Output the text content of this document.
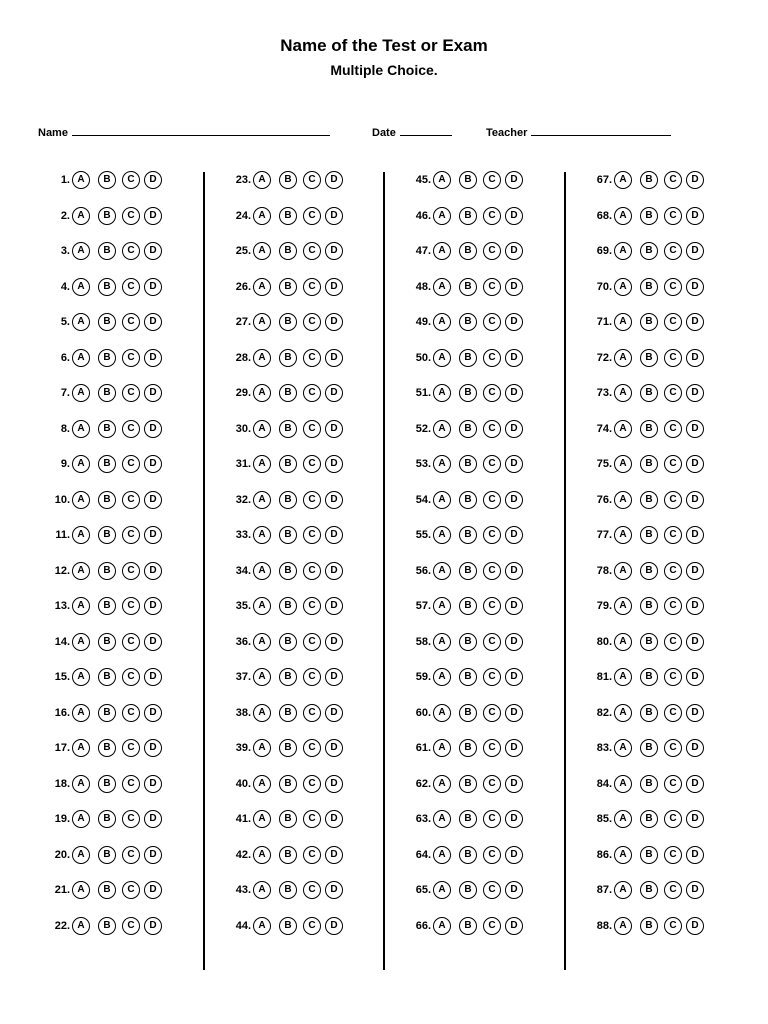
Name of the Test or Exam
Multiple Choice.
Name	Date	Teacher
1. A	B	C	D
2. A	B	C	D
3. A	B	C	D
4. A	B	C	D
5. A	B	C	D
6. A	B	C	D
7. A	B	C	D
8. A	B	C	D
9. A	B	C	D
10. A	B	C	D
11. A	B	C	D
12. A	B	C	D
13. A	B	C	D
14. A	B	C	D
15. A	B	C	D
16. A	B	C	D
17. A	B	C	D
18. A	B	C	D
19. A	B	C	D
20. A	B	C	D
21. A	B	C	D
22. A	B	C	D
23. A	B	C	D
24. A	B	C	D
25. A	B	C	D
26. A	B	C	D
27. A	B	C	D
28. A	B	C	D
29. A	B	C	D
30. A	B	C	D
31. A	B	C	D
32. A	B	C	D
33. A	B	C	D
34. A	B	C	D
35. A	B	C	D
36. A	B	C	D
37. A	B	C	D
38. A	B	C	D
39. A	B	C	D
40. A	B	C	D
41. A	B	C	D
42. A	B	C	D
43. A	B	C	D
44. A	B	C	D
45. A	B	C	D
46. A	B	C	D
47. A	B	C	D
48. A	B	C	D
49. A	B	C	D
50. A	B	C	D
51. A	B	C	D
52. A	B	C	D
53. A	B	C	D
54. A	B	C	D
55. A	B	C	D
56. A	B	C	D
57. A	B	C	D
58. A	B	C	D
59. A	B	C	D
60. A	B	C	D
61. A	B	C	D
62. A	B	C	D
63. A	B	C	D
64. A	B	C	D
65. A	B	C	D
66. A	B	C	D
67. A	B	C	D
68. A	B	C	D
69. A	B	C	D
70. A	B	C	D
71. A	B	C	D
72. A	B	C	D
73. A	B	C	D
74. A	B	C	D
75. A	B	C	D
76. A	B	C	D
77. A	B	C	D
78. A	B	C	D
79. A	B	C	D
80. A	B	C	D
81. A	B	C	D
82. A	B	C	D
83. A	B	C	D
84. A	B	C	D
85. A	B	C	D
86. A	B	C	D
87. A	B	C	D
88. A	B	C	D
